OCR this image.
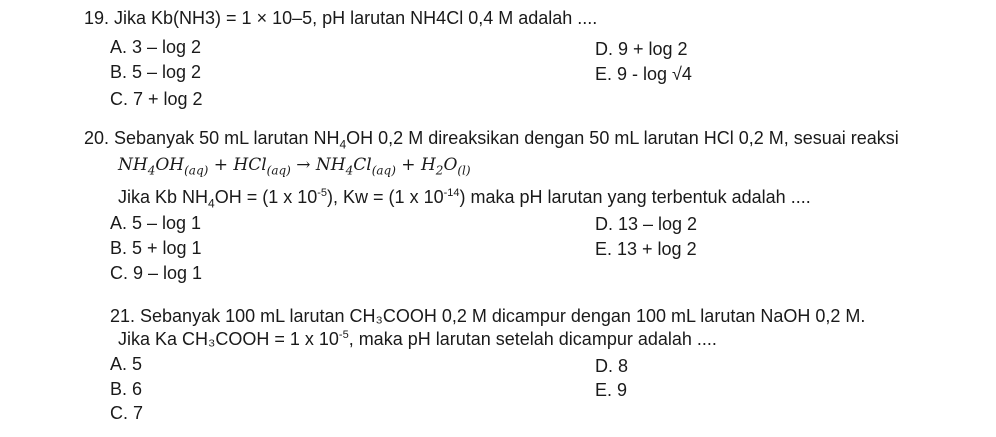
19. Jika Kb(NH3) = 1 × 10–5, pH larutan NH4Cl 0,4 M adalah ....
A. 3 – log 2
B. 5 – log 2
C. 7 + log 2
D. 9 + log 2
E. 9 - log √4
20. Sebanyak 50 mL larutan $NH_4OH$ 0,2 M direaksikan dengan 50 mL larutan HCl 0,2 M, sesuai reaksi
$NH_4OH_{(aq)} + HCl_{(aq)} \to NH_4Cl_{(aq)} + H_2O_{(l)}$
Jika Kb $NH_4OH = (1$ x $10^{-5}$), Kw = (1 x $10^{-14}$) maka pH larutan yang terbentuk adalah ....
A. 5 – log 1
B. 5 + log 1
C. 9 – log 1
D. 13 – log 2
E. 13 + log 2
21. Sebanyak 100 mL larutan CH₃COOH 0,2 M dicampur dengan 100 mL larutan NaOH 0,2 M.
Jika Ka CH₃COOH = 1 x $10^{-5}$, maka pH larutan setelah dicampur adalah ....
A. 5
B. 6
C. 7
D. 8
E. 9
